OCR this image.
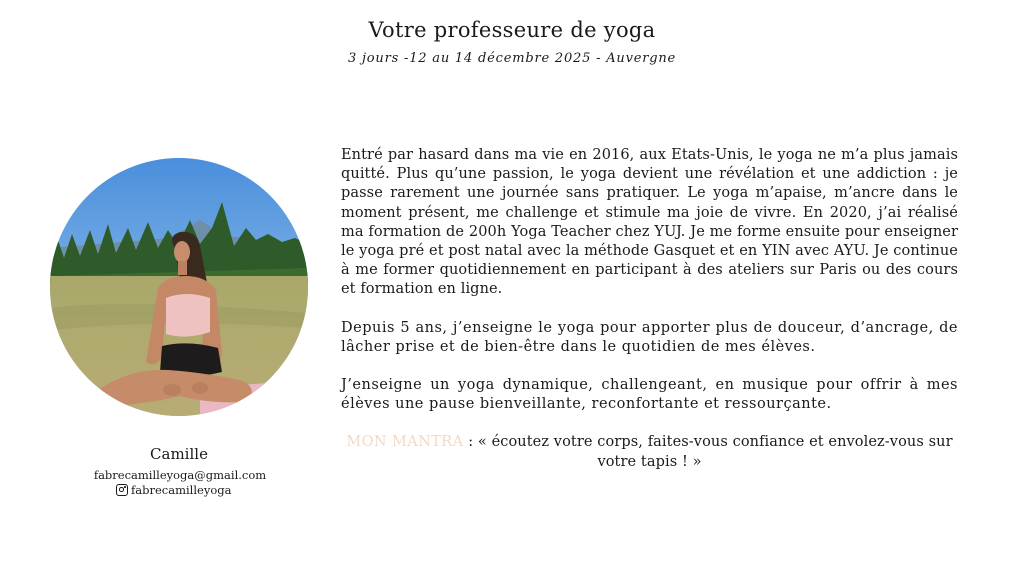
Votre professeure de yoga
3 jours -12 au 14 décembre 2025 - Auvergne
Camille
fabrecamilleyoga@gmail.com
fabrecamilleyoga

Entré par hasard dans ma vie en 2016, aux Etats-Unis, le yoga ne m’a plus jamais quitté. Plus qu’une passion, le yoga devient une révélation et une addiction : je passe rarement une journée sans pratiquer. Le yoga m’apaise, m’ancre dans le moment présent, me challenge et stimule ma joie de vivre. En 2020, j’ai réalisé ma formation de 200h Yoga Teacher chez YUJ. Je me forme ensuite pour enseigner le yoga pré et post natal avec la méthode Gasquet et en YIN avec AYU. Je continue à me former quotidiennement en participant à des ateliers sur Paris ou des cours et formation en ligne.

Depuis 5 ans, j’enseigne le yoga pour apporter plus de douceur, d’ancrage, de lâcher prise et de bien-être dans le quotidien de mes élèves.

J’enseigne un yoga dynamique, challengeant, en musique pour offrir à mes élèves une pause bienveillante, reconfortante et ressourçante.

MON MANTRA : « écoutez votre corps, faites-vous confiance et envolez-vous sur votre tapis ! »
